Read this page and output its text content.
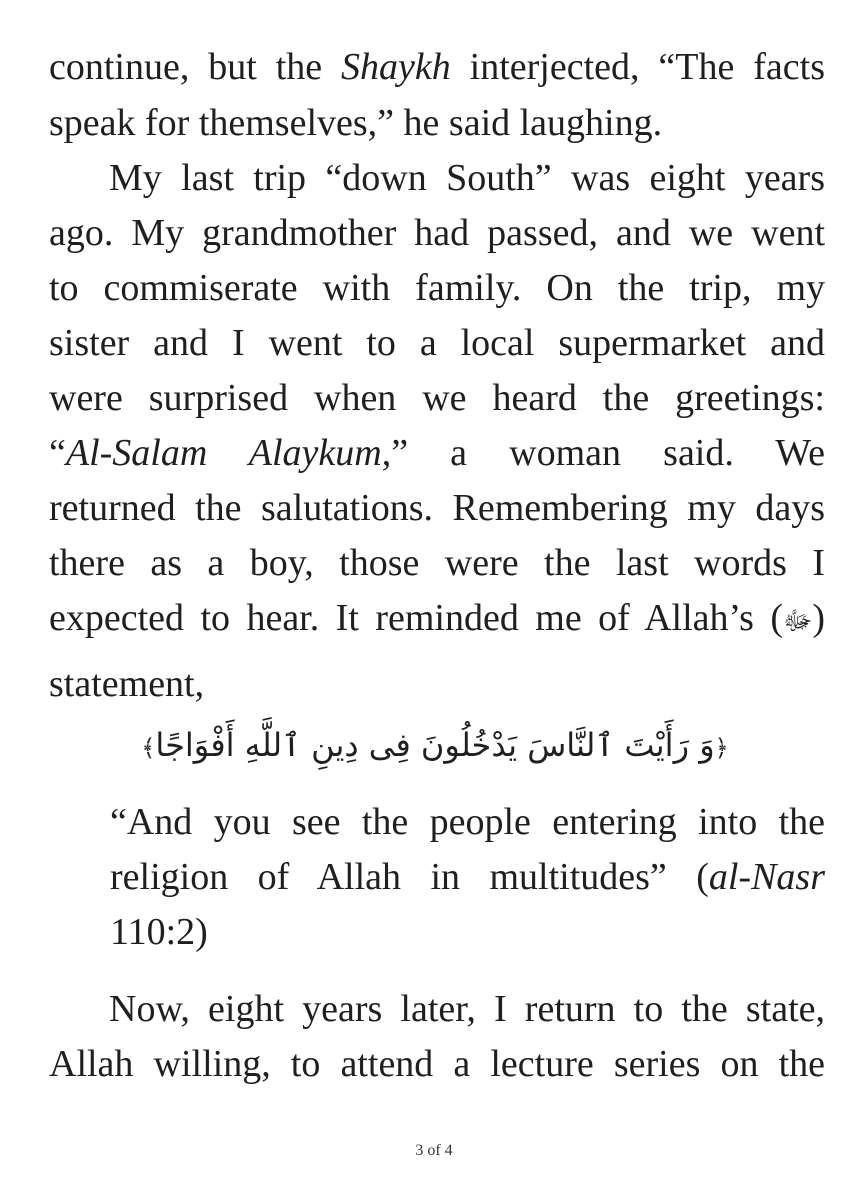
continue, but the Shaykh interjected, “The facts
speak for themselves,” he said laughing.
My last trip “down South” was eight years
ago. My grandmother had passed, and we went
to commiserate with family. On the trip, my
sister and I went to a local supermarket and
were surprised when we heard the greetings:
“Al-Salam Alaykum,” a woman said. We
returned the salutations. Remembering my days
there as a boy, those were the last words I
expected to hear. It reminded me of Allah’s (ﷻ)
statement,
﴿وَ رَأَيْتَ ٱلنَّاسَ يَدْخُلُونَ فِى دِينِ ٱللَّهِ أَفْوَاجًا﴾
“And you see the people entering into the
religion of Allah in multitudes” (al-Nasr
110:2)
Now, eight years later, I return to the state,
Allah willing, to attend a lecture series on the
3 of 4
